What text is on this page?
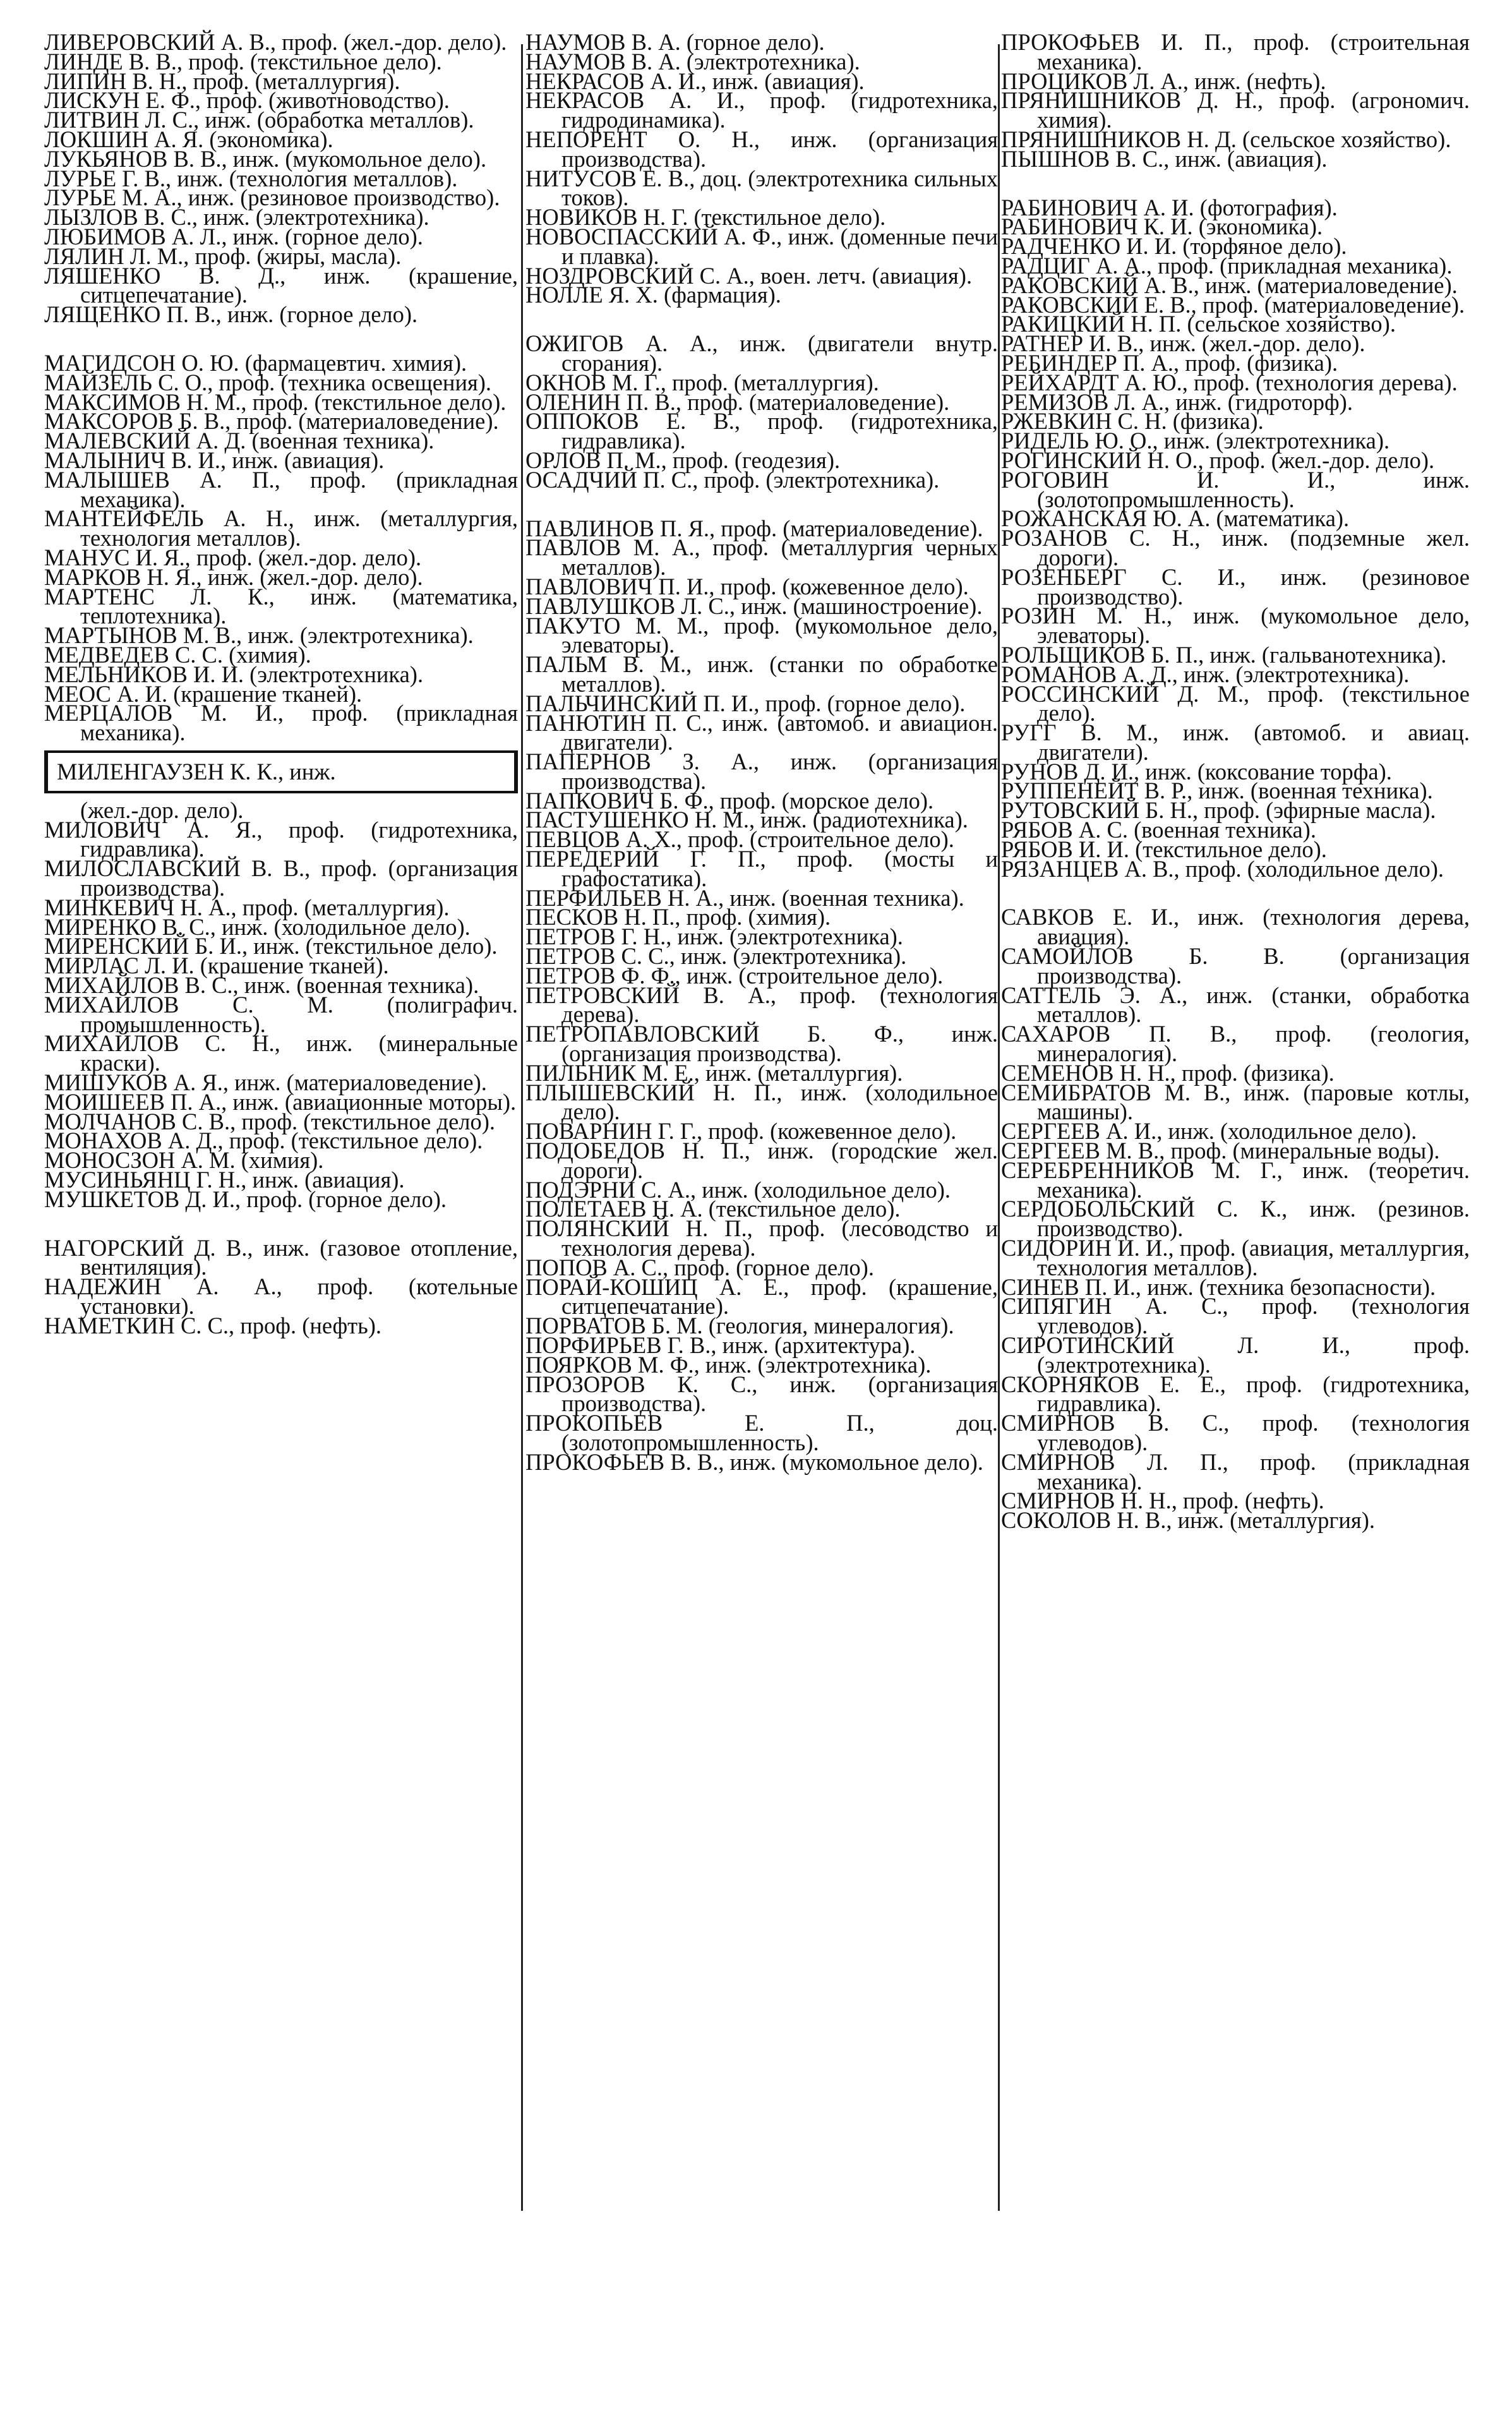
ЛИВЕРОВСКИЙ А. В., проф. (жел.-дор. дело).

ЛИНДЕ В. В., проф. (текстильное дело).

ЛИПИН В. Н., проф. (металлургия).

ЛИСКУН Е. Ф., проф. (животноводство).

ЛИТВИН Л. С., инж. (обработка металлов).

ЛОКШИН А. Я. (экономика).

ЛУКЬЯНОВ В. В., инж. (мукомольное дело).

ЛУРЬЕ Г. В., инж. (технология металлов).

ЛУРЬЕ М. А., инж. (резиновое производство).

ЛЫЗЛОВ В. С., инж. (электротехника).

ЛЮБИМОВ А. Л., инж. (горное дело).

ЛЯЛИН Л. М., проф. (жиры, масла).

ЛЯШЕНКО В. Д., инж. (крашение, ситцепечатание).

ЛЯЩЕНКО П. В., инж. (горное дело).

МАГИДСОН О. Ю. (фармацевтич. химия).

МАЙЗЕЛЬ С. О., проф. (техника освещения).

МАКСИМОВ Н. М., проф. (текстильное дело).

МАКСОРОВ Б. В., проф. (материаловедение).

МАЛЕВСКИЙ А. Д. (военная техника).

МАЛЫНИЧ В. И., инж. (авиация).

МАЛЫШЕВ А. П., проф. (прикладная механика).

МАНТЕЙФЕЛЬ А. Н., инж. (металлургия, технология металлов).

МАНУС И. Я., проф. (жел.-дор. дело).

МАРКОВ Н. Я., инж. (жел.-дор. дело).

МАРТЕНС Л. К., инж. (математика, теплотехника).

МАРТЫНОВ М. В., инж. (электротехника).

МЕДВЕДЕВ С. С. (химия).

МЕЛЬНИКОВ И. И. (электротехника).

МЕОС А. И. (крашение тканей).

МЕРЦАЛОВ М. И., проф. (прикладная механика).

МИЛЕНГАУЗЕН К. К., инж.

(жел.-дор. дело).

МИЛОВИЧ А. Я., проф. (гидротехника, гидравлика).

МИЛОСЛАВСКИЙ В. В., проф. (организация производства).

МИНКЕВИЧ Н. А., проф. (металлургия).

МИРЕНКО В. С., инж. (холодильное дело).

МИРЕНСКИЙ Б. И., инж. (текстильное дело).

МИРЛАС Л. И. (крашение тканей).

МИХАЙЛОВ В. С., инж. (военная техника).

МИХАЙЛОВ С. М. (полиграфич. промышленность).

МИХАЙЛОВ С. Н., инж. (минеральные краски).

МИШУКОВ А. Я., инж. (материаловедение).

МОИШЕЕВ П. А., инж. (авиационные моторы).

МОЛЧАНОВ С. В., проф. (текстильное дело).

МОНАХОВ А. Д., проф. (текстильное дело).

МОНОСЗОН А. М. (химия).

МУСИНЬЯНЦ Г. Н., инж. (авиация).

МУШКЕТОВ Д. И., проф. (горное дело).

НАГОРСКИЙ Д. В., инж. (газовое отопление, вентиляция).

НАДЕЖИН А. А., проф. (котельные установки).

НАМЕТКИН С. С., проф. (нефть).

НАУМОВ В. А. (горное дело).

НАУМОВ В. А. (электротехника).

НЕКРАСОВ А. И., инж. (авиация).

НЕКРАСОВ А. И., проф. (гидротехника, гидродинамика).

НЕПОРЕНТ О. Н., инж. (организация производства).

НИТУСОВ Е. В., доц. (электротехника сильных токов).

НОВИКОВ Н. Г. (текстильное дело).

НОВОСПАССКИЙ А. Ф., инж. (доменные печи и плавка).

НОЗДРОВСКИЙ С. А., воен. летч. (авиация).

НОЛЛЕ Я. Х. (фармация).

ОЖИГОВ А. А., инж. (двигатели внутр. сгорания).

ОКНОВ М. Г., проф. (металлургия).

ОЛЕНИН П. В., проф. (материаловедение).

ОППОКОВ Е. В., проф. (гидротехника, гидравлика).

ОРЛОВ П. М., проф. (геодезия).

ОСАДЧИЙ П. С., проф. (электротехника).

ПАВЛИНОВ П. Я., проф. (материаловедение).

ПАВЛОВ М. А., проф. (металлургия черных металлов).

ПАВЛОВИЧ П. И., проф. (кожевенное дело).

ПАВЛУШКОВ Л. С., инж. (машиностроение).

ПАКУТО М. М., проф. (мукомольное дело, элеваторы).

ПАЛЬМ В. М., инж. (станки по обработке металлов).

ПАЛЬЧИНСКИЙ П. И., проф. (горное дело).

ПАНЮТИН П. С., инж. (автомоб. и авиацион. двигатели).

ПАПЕРНОВ З. А., инж. (организация производства).

ПАПКОВИЧ Б. Ф., проф. (морское дело).

ПАСТУШЕНКО Н. М., инж. (радиотехника).

ПЕВЦОВ А. Х., проф. (строительное дело).

ПЕРЕДЕРИЙ Г. П., проф. (мосты и графостатика).

ПЕРФИЛЬЕВ Н. А., инж. (военная техника).

ПЕСКОВ Н. П., проф. (химия).

ПЕТРОВ Г. Н., инж. (электротехника).

ПЕТРОВ С. С., инж. (электротехника).

ПЕТРОВ Ф. Ф., инж. (строительное дело).

ПЕТРОВСКИЙ В. А., проф. (технология дерева).

ПЕТРОПАВЛОВСКИЙ Б. Ф., инж. (организация производства).

ПИЛЬНИК М. Е., инж. (металлургия).

ПЛЫШЕВСКИЙ Н. П., инж. (холодильное дело).

ПОВАРНИН Г. Г., проф. (кожевенное дело).

ПОДОБЕДОВ Н. П., инж. (городские жел. дороги).

ПОДЭРНИ С. А., инж. (холодильное дело).

ПОЛЕТАЕВ Н. А. (текстильное дело).

ПОЛЯНСКИЙ Н. П., проф. (лесоводство и технология дерева).

ПОПОВ А. С., проф. (горное дело).

ПОРАЙ-КОШИЦ А. Е., проф. (крашение, ситцепечатание).

ПОРВАТОВ Б. М. (геология, минералогия).

ПОРФИРЬЕВ Г. В., инж. (архитектура).

ПОЯРКОВ М. Ф., инж. (электротехника).

ПРОЗОРОВ К. С., инж. (организация производства).

ПРОКОПЬЕВ Е. П., доц. (золотопромышленность).

ПРОКОФЬЕВ В. В., инж. (мукомольное дело).

ПРОКОФЬЕВ И. П., проф. (строительная механика).

ПРОЦИКОВ Л. А., инж. (нефть).

ПРЯНИШНИКОВ Д. Н., проф. (агрономич. химия).

ПРЯНИШНИКОВ Н. Д. (сельское хозяйство).

ПЫШНОВ В. С., инж. (авиация).

РАБИНОВИЧ А. И. (фотография).

РАБИНОВИЧ К. И. (экономика).

РАДЧЕНКО И. И. (торфяное дело).

РАДЦИГ А. А., проф. (прикладная механика).

РАКОВСКИЙ А. В., инж. (материаловедение).

РАКОВСКИЙ Е. В., проф. (материаловедение).

РАКИЦКИЙ Н. П. (сельское хозяйство).

РАТНЕР И. В., инж. (жел.-дор. дело).

РЕБИНДЕР П. А., проф. (физика).

РЕЙХАРДТ А. Ю., проф. (технология дерева).

РЕМИЗОВ Л. А., инж. (гидроторф).

РЖЕВКИН С. Н. (физика).

РИДЕЛЬ Ю. О., инж. (электротехника).

РОГИНСКИЙ Н. О., проф. (жел.-дор. дело).

РОГОВИН И. И., инж. (золотопромышленность).

РОЖАНСКАЯ Ю. А. (математика).

РОЗАНОВ С. Н., инж. (подземные жел. дороги).

РОЗЕНБЕРГ С. И., инж. (резиновое производство).

РОЗИН М. Н., инж. (мукомольное дело, элеваторы).

РОЛЬЩИКОВ Б. П., инж. (гальванотехника).

РОМАНОВ А. Д., инж. (электротехника).

РОССИНСКИЙ Д. М., проф. (текстильное дело).

РУГГ В. М., инж. (автомоб. и авиац. двигатели).

РУНОВ Д. И., инж. (коксование торфа).

РУППЕНЕЙТ В. Р., инж. (военная техника).

РУТОВСКИЙ Б. Н., проф. (эфирные масла).

РЯБОВ А. С. (военная техника).

РЯБОВ И. И. (текстильное дело).

РЯЗАНЦЕВ А. В., проф. (холодильное дело).

САВКОВ Е. И., инж. (технология дерева, авиация).

САМОЙЛОВ Б. В. (организация производства).

САТТЕЛЬ Э. А., инж. (станки, обработка металлов).

САХАРОВ П. В., проф. (геология, минералогия).

СЕМЕНОВ Н. Н., проф. (физика).

СЕМИБРАТОВ М. В., инж. (паровые котлы, машины).

СЕРГЕЕВ А. И., инж. (холодильное дело).

СЕРГЕЕВ М. В., проф. (минеральные воды).

СЕРЕБРЕННИКОВ М. Г., инж. (теоретич. механика).

СЕРДОБОЛЬСКИЙ С. К., инж. (резинов. производство).

СИДОРИН И. И., проф. (авиация, металлургия, технология металлов).

СИНЕВ П. И., инж. (техника безопасности).

СИПЯГИН А. С., проф. (технология углеводов).

СИРОТИНСКИЙ Л. И., проф. (электротехника).

СКОРНЯКОВ Е. Е., проф. (гидротехника, гидравлика).

СМИРНОВ В. С., проф. (технология углеводов).

СМИРНОВ Л. П., проф. (прикладная механика).

СМИРНОВ Н. Н., проф. (нефть).

СОКОЛОВ Н. В., инж. (металлургия).
